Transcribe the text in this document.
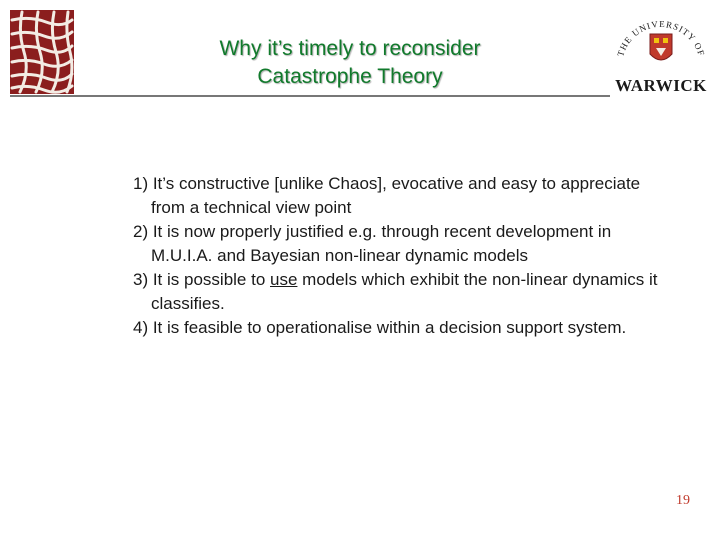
Why it’s timely to reconsider
Catastrophe Theory
THE UNIVERSITY OF
WARWICK

1) It’s constructive [unlike Chaos], evocative and easy to appreciate from a technical view point

2) It is now properly justified e.g. through recent development in M.U.I.A. and Bayesian non-linear dynamic models

3) It is possible to use models which exhibit the non-linear dynamics it classifies.

4) It is feasible to operationalise within a decision support system.

19
